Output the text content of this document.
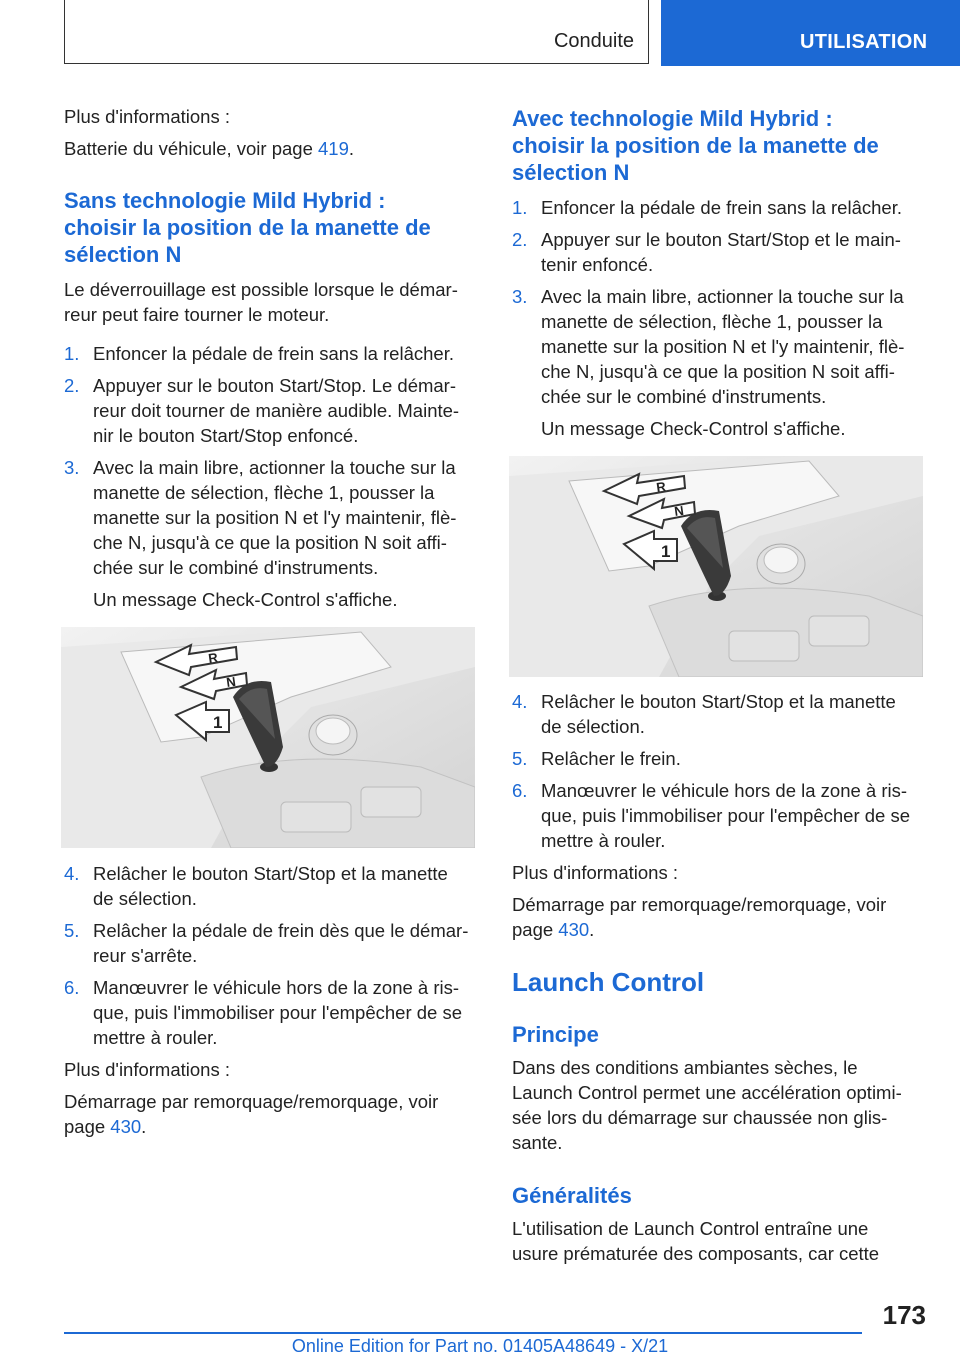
Conduite	UTILISATION
Plus d'informations :
Batterie du véhicule, voir page 419.
Sans technologie Mild Hybrid :
choisir la position de la manette de
sélection N
Le déverrouillage est possible lorsque le démar-
reur peut faire tourner le moteur.
1. Enfoncer la pédale de frein sans la relâcher.
2. Appuyer sur le bouton Start/Stop. Le démar-
reur doit tourner de manière audible. Mainte-
nir le bouton Start/Stop enfoncé.
3. Avec la main libre, actionner la touche sur la
manette de sélection, flèche 1, pousser la
manette sur la position N et l'y maintenir, flè-
che N, jusqu'à ce que la position N soit affi-
chée sur le combiné d'instruments.
Un message Check-Control s'affiche.
R
N
1
4. Relâcher le bouton Start/Stop et la manette
de sélection.
5. Relâcher la pédale de frein dès que le démar-
reur s'arrête.
6. Manœuvrer le véhicule hors de la zone à ris-
que, puis l'immobiliser pour l'empêcher de se
mettre à rouler.
Plus d'informations :
Démarrage par remorquage/remorquage, voir
page 430.
Avec technologie Mild Hybrid :
choisir la position de la manette de
sélection N
1. Enfoncer la pédale de frein sans la relâcher.
2. Appuyer sur le bouton Start/Stop et le main-
tenir enfoncé.
3. Avec la main libre, actionner la touche sur la
manette de sélection, flèche 1, pousser la
manette sur la position N et l'y maintenir, flè-
che N, jusqu'à ce que la position N soit affi-
chée sur le combiné d'instruments.
Un message Check-Control s'affiche.
R
N
1
4. Relâcher le bouton Start/Stop et la manette
de sélection.
5. Relâcher le frein.
6. Manœuvrer le véhicule hors de la zone à ris-
que, puis l'immobiliser pour l'empêcher de se
mettre à rouler.
Plus d'informations :
Démarrage par remorquage/remorquage, voir
page 430.
Launch Control
Principe
Dans des conditions ambiantes sèches, le
Launch Control permet une accélération optimi-
sée lors du démarrage sur chaussée non glis-
sante.
Généralités
L'utilisation de Launch Control entraîne une
usure prématurée des composants, car cette
173
Online Edition for Part no. 01405A48649 - X/21
